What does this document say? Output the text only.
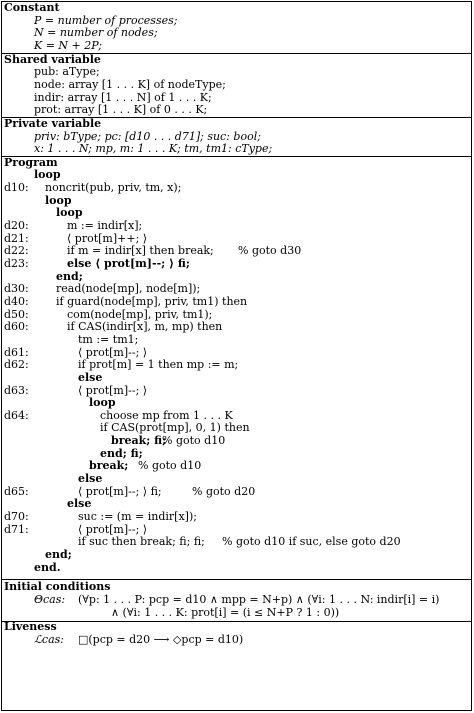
Constant
P = number of processes;
N = number of nodes;
K = N + 2P;
Shared variable
pub: aType;
node: array [1 . . . K] of nodeType;
indir: array [1 . . . N] of 1 . . . K;
prot: array [1 . . . K] of 0 . . . K;
Private variable
priv: bType; pc: [d10 . . . d71]; suc: bool;
x: 1 . . . N; mp, m: 1 . . . K; tm, tm1: cType;
Program
loop
d10: noncrit(pub, priv, tm, x);
loop
loop
d20:	m := indir[x];
d21:	⟨ prot[m]++; ⟩
d22:	if m = indir[x] then break; % goto d30
d23:	else ⟨ prot[m]--; ⟩ fi;
end;
d30: read(node[mp], node[m]);
d40: if guard(node[mp], priv, tm1) then
d50:	com(node[mp], priv, tm1);
d60:	if CAS(indir[x], m, mp) then
tm := tm1;
d61:	⟨ prot[m]--; ⟩
d62:	if prot[m] = 1 then mp := m;
else
d63:	⟨ prot[m]--; ⟩
loop
d64:	choose mp from 1 . . . K
if CAS(prot[mp], 0, 1) then
break; fi;
% goto d10
end; fi;
break; % goto d10
else
d65:	⟨ prot[m]--; ⟩ fi;	% goto d20
else
d70:	suc := (m = indir[x]);
d71:	⟨ prot[m]--; ⟩
if suc then break; fi; fi; % goto d10 if suc, else goto d20
end;
end.
Initial conditions
Θcas: (∀p: 1 . . . P: pcp = d10 ∧ mpp = N+p) ∧ (∀i: 1 . . . N: indir[i] = i)
∧ (∀i: 1 . . . K: prot[i] = (i ≤ N+P ? 1 : 0))
Liveness
ℒcas: □(pcp = d20 ⟶ ◇pcp = d10)
